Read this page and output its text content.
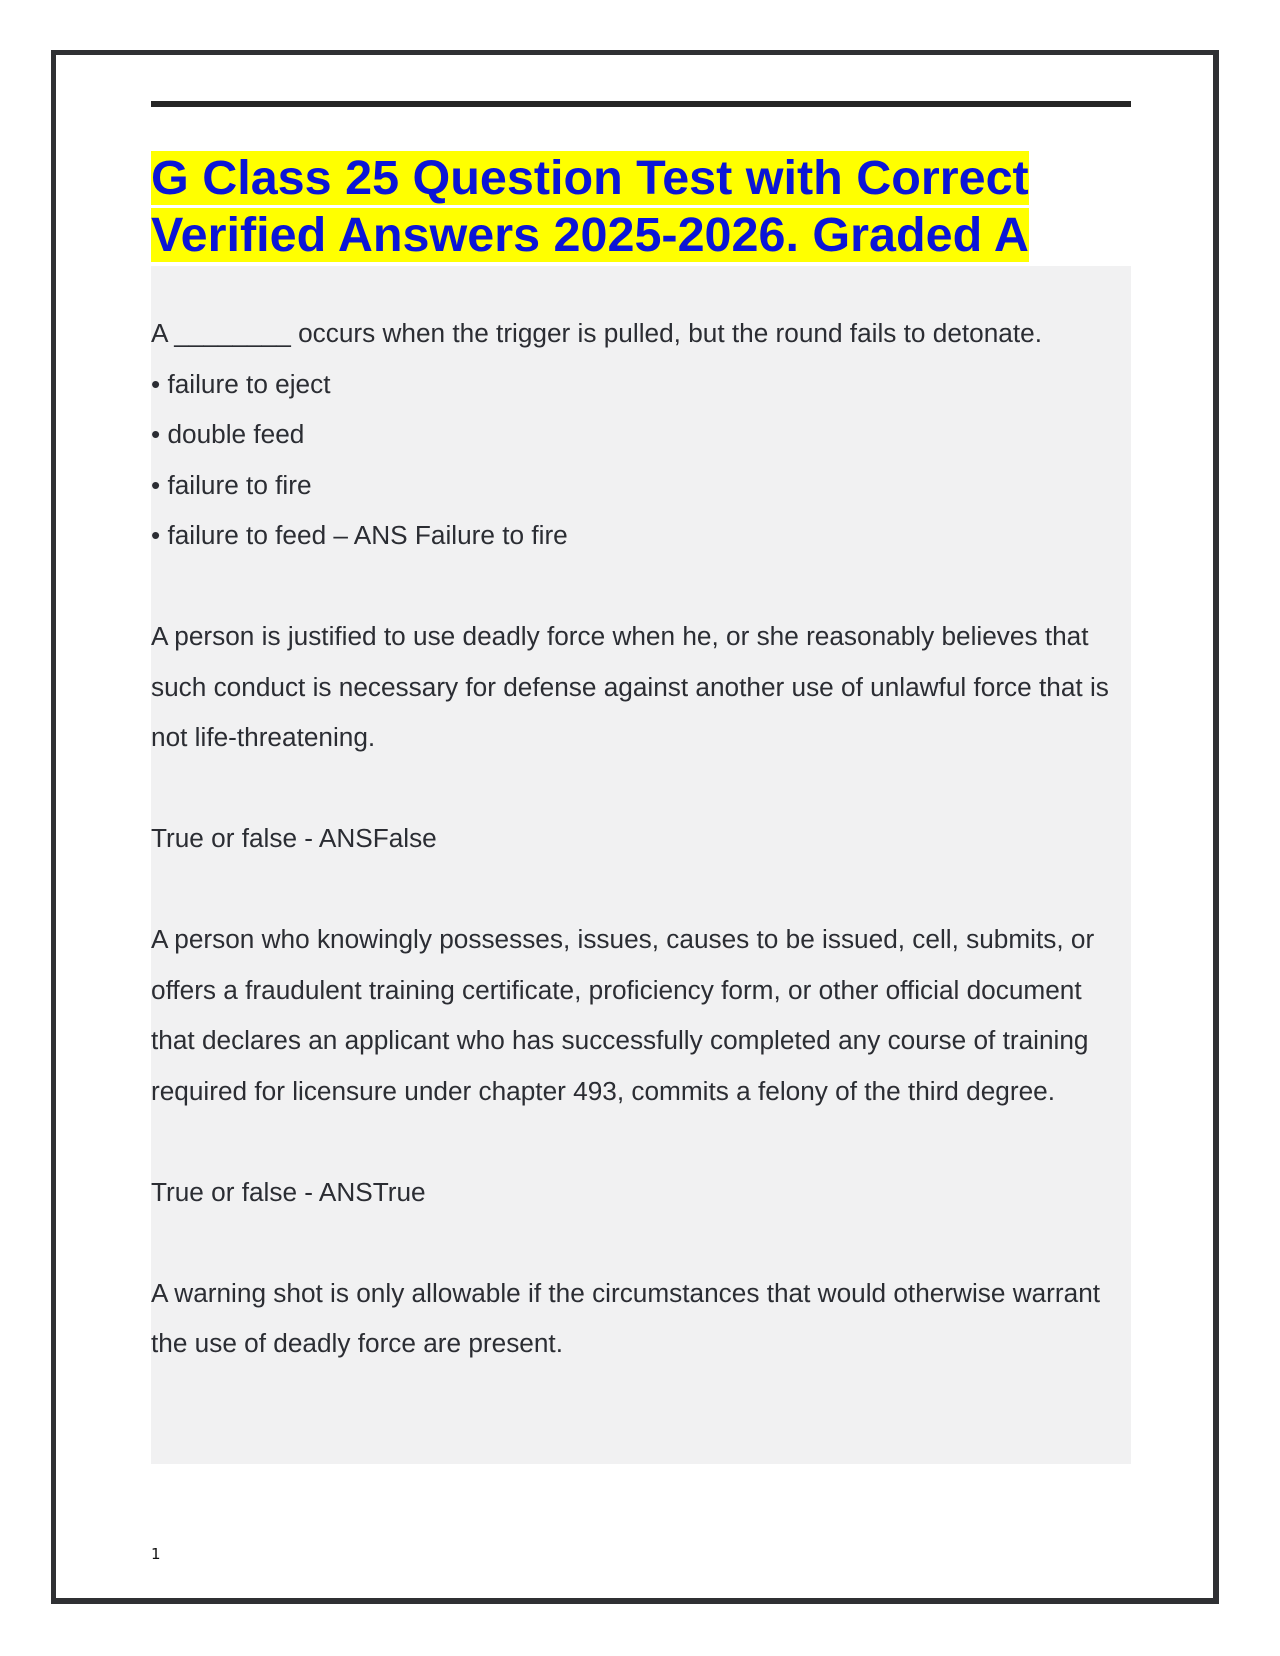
G Class 25 Question Test with Correct Verified Answers 2025-2026. Graded A

A ________ occurs when the trigger is pulled, but the round fails to detonate.

• failure to eject

• double feed

• failure to fire

• failure to feed – ANS Failure to fire

A person is justified to use deadly force when he, or she reasonably believes that such conduct is necessary for defense against another use of unlawful force that is not life-threatening.

True or false - ANSFalse

A person who knowingly possesses, issues, causes to be issued, cell, submits, or offers a fraudulent training certificate, proficiency form, or other official document that declares an applicant who has successfully completed any course of training required for licensure under chapter 493, commits a felony of the third degree.

True or false - ANSTrue

A warning shot is only allowable if the circumstances that would otherwise warrant the use of deadly force are present.

1
